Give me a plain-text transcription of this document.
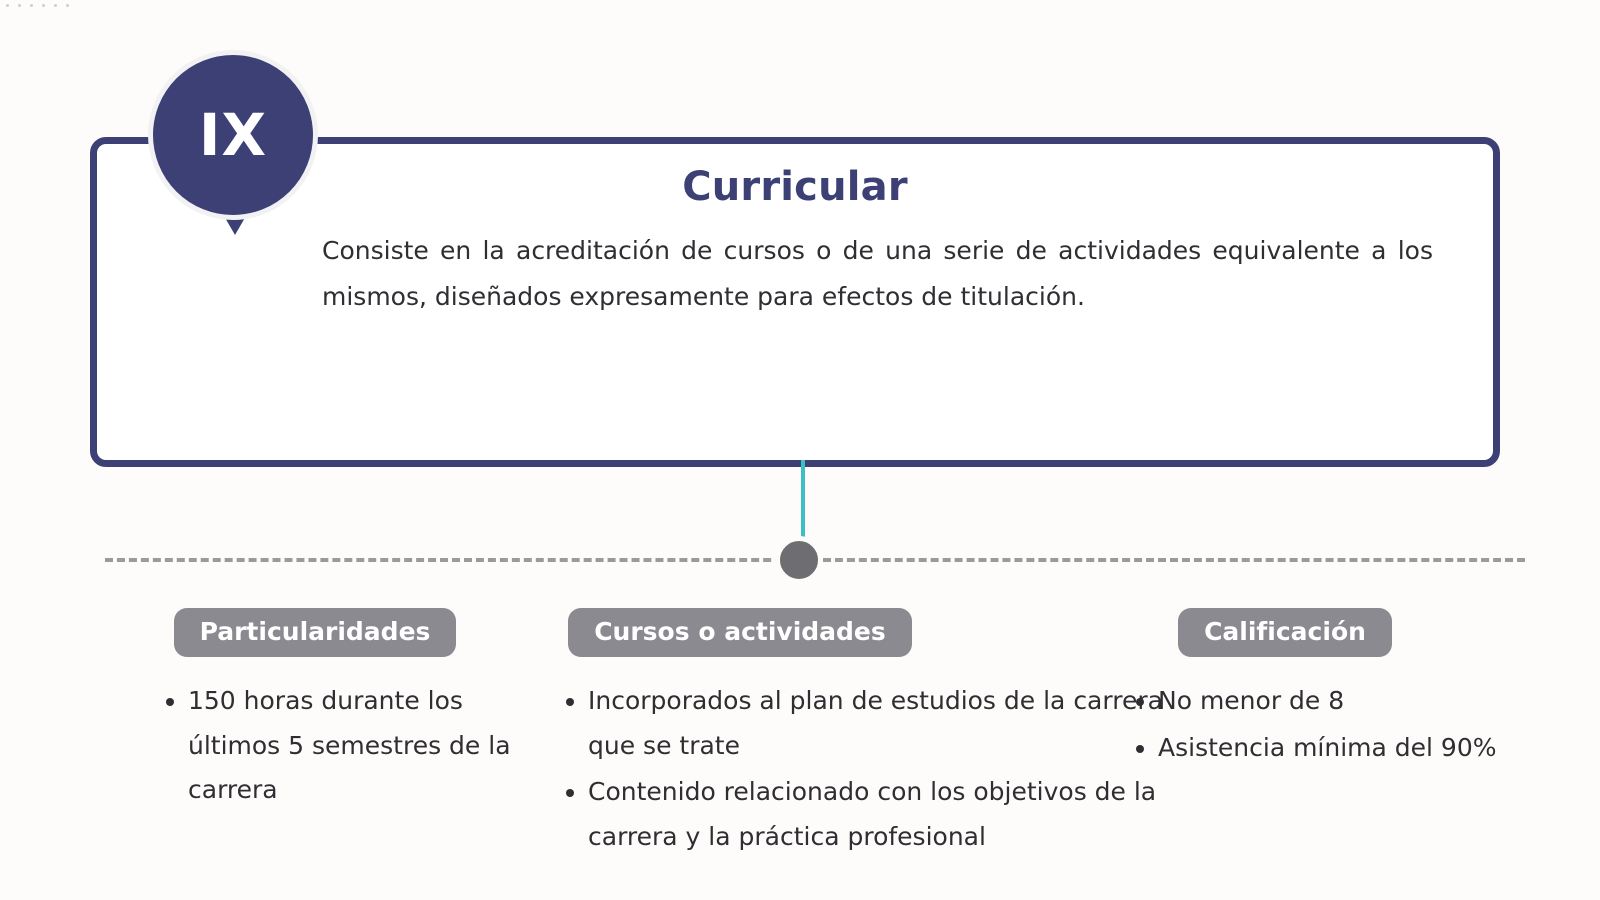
Curricular
Consiste en la acreditación de cursos o de una serie de actividades equivalente a los mismos, diseñados expresamente para efectos de titulación.
IX
Particularidades
• 150 horas durante los últimos 5 semestres de la carrera
Cursos o actividades
• Incorporados al plan de estudios de la carrera que se trate
• Contenido relacionado con los objetivos de la carrera y la práctica profesional
Calificación
• No menor de 8
• Asistencia mínima del 90%
